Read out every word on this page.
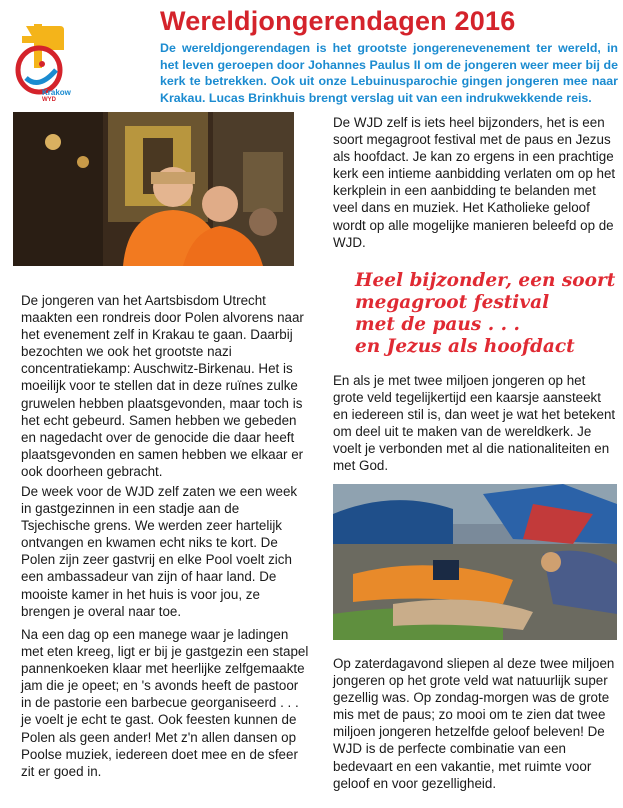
Krakow
WYD
Wereldjongerendagen 2016

De wereldjongerendagen is het grootste jongerenevenement ter wereld, in het leven geroepen door Johannes Paulus II om de jongeren weer meer bij de kerk te betrekken. Ook uit onze Lebuinusparochie gingen jongeren mee naar Krakau. Lucas Brinkhuis brengt verslag uit van een indrukwekkende reis.

De jongeren van het Aartsbisdom Utrecht maakten een rondreis door Polen alvorens naar het evenement zelf in Krakau te gaan. Daarbij bezochten we ook het grootste nazi concentratiekamp: Auschwitz-Birkenau. Het is moeilijk voor te stellen dat in deze ruïnes zulke gruwelen hebben plaatsgevonden, maar toch is het echt gebeurd. Samen hebben we gebeden en nagedacht over de genocide die daar heeft plaatsgevonden en samen hebben we elkaar er ook doorheen gebracht.

De week voor de WJD zelf zaten we een week in gastgezinnen in een stadje aan de Tsjechische grens. We werden zeer hartelijk ontvangen en kwamen echt niks te kort. De Polen zijn zeer gastvrij en elke Pool voelt zich een ambassadeur van zijn of haar land. De mooiste kamer in het huis is voor jou, ze brengen je overal naar toe.

Na een dag op een manege waar je ladingen met eten kreeg, ligt er bij je gastgezin een stapel pannenkoeken klaar met heerlijke zelfgemaakte jam die je opeet; en 's avonds heeft de pastoor in de pastorie een barbecue georganiseerd . . . je voelt je echt te gast. Ook feesten kunnen de Polen als geen ander! Met z'n allen dansen op Poolse muziek, iedereen doet mee en de sfeer zit er goed in.

De WJD zelf is iets heel bijzonders, het is een soort megagroot festival met de paus en Jezus als hoofdact. Je kan zo ergens in een prachtige kerk een intieme aanbidding verlaten om op het kerkplein in een aanbidding te belanden met veel dans en muziek. Het Katholieke geloof wordt op alle mogelijke manieren beleefd op de WJD.

Heel bijzonder, een soort
megagroot festival
met de paus . . .
en Jezus als hoofdact

En als je met twee miljoen jongeren op het grote veld tegelijkertijd een kaarsje aansteekt en iedereen stil is, dan weet je wat het betekent om deel uit te maken van de wereldkerk. Je voelt je verbonden met al die nationaliteiten en met God.

Op zaterdagavond sliepen al deze twee miljoen jongeren op het grote veld wat natuurlijk super gezellig was. Op zondag-morgen was de grote mis met de paus; zo mooi om te zien dat twee miljoen jongeren hetzelfde geloof beleven! De WJD is de perfecte combinatie van een bedevaart en een vakantie, met ruimte voor geloof en voor gezelligheid.
